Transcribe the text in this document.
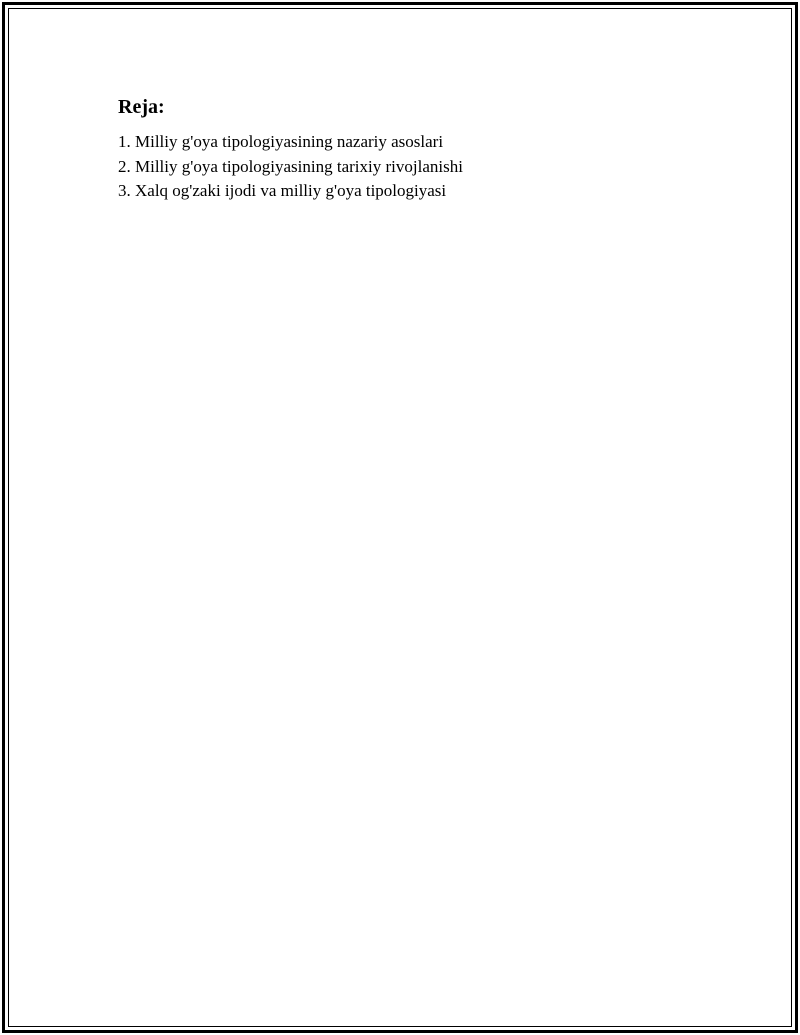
Reja:
1. Milliy g'oya tipologiyasining nazariy asoslari
2. Milliy g'oya tipologiyasining tarixiy rivojlanishi
3. Xalq og'zaki ijodi va milliy g'oya tipologiyasi
